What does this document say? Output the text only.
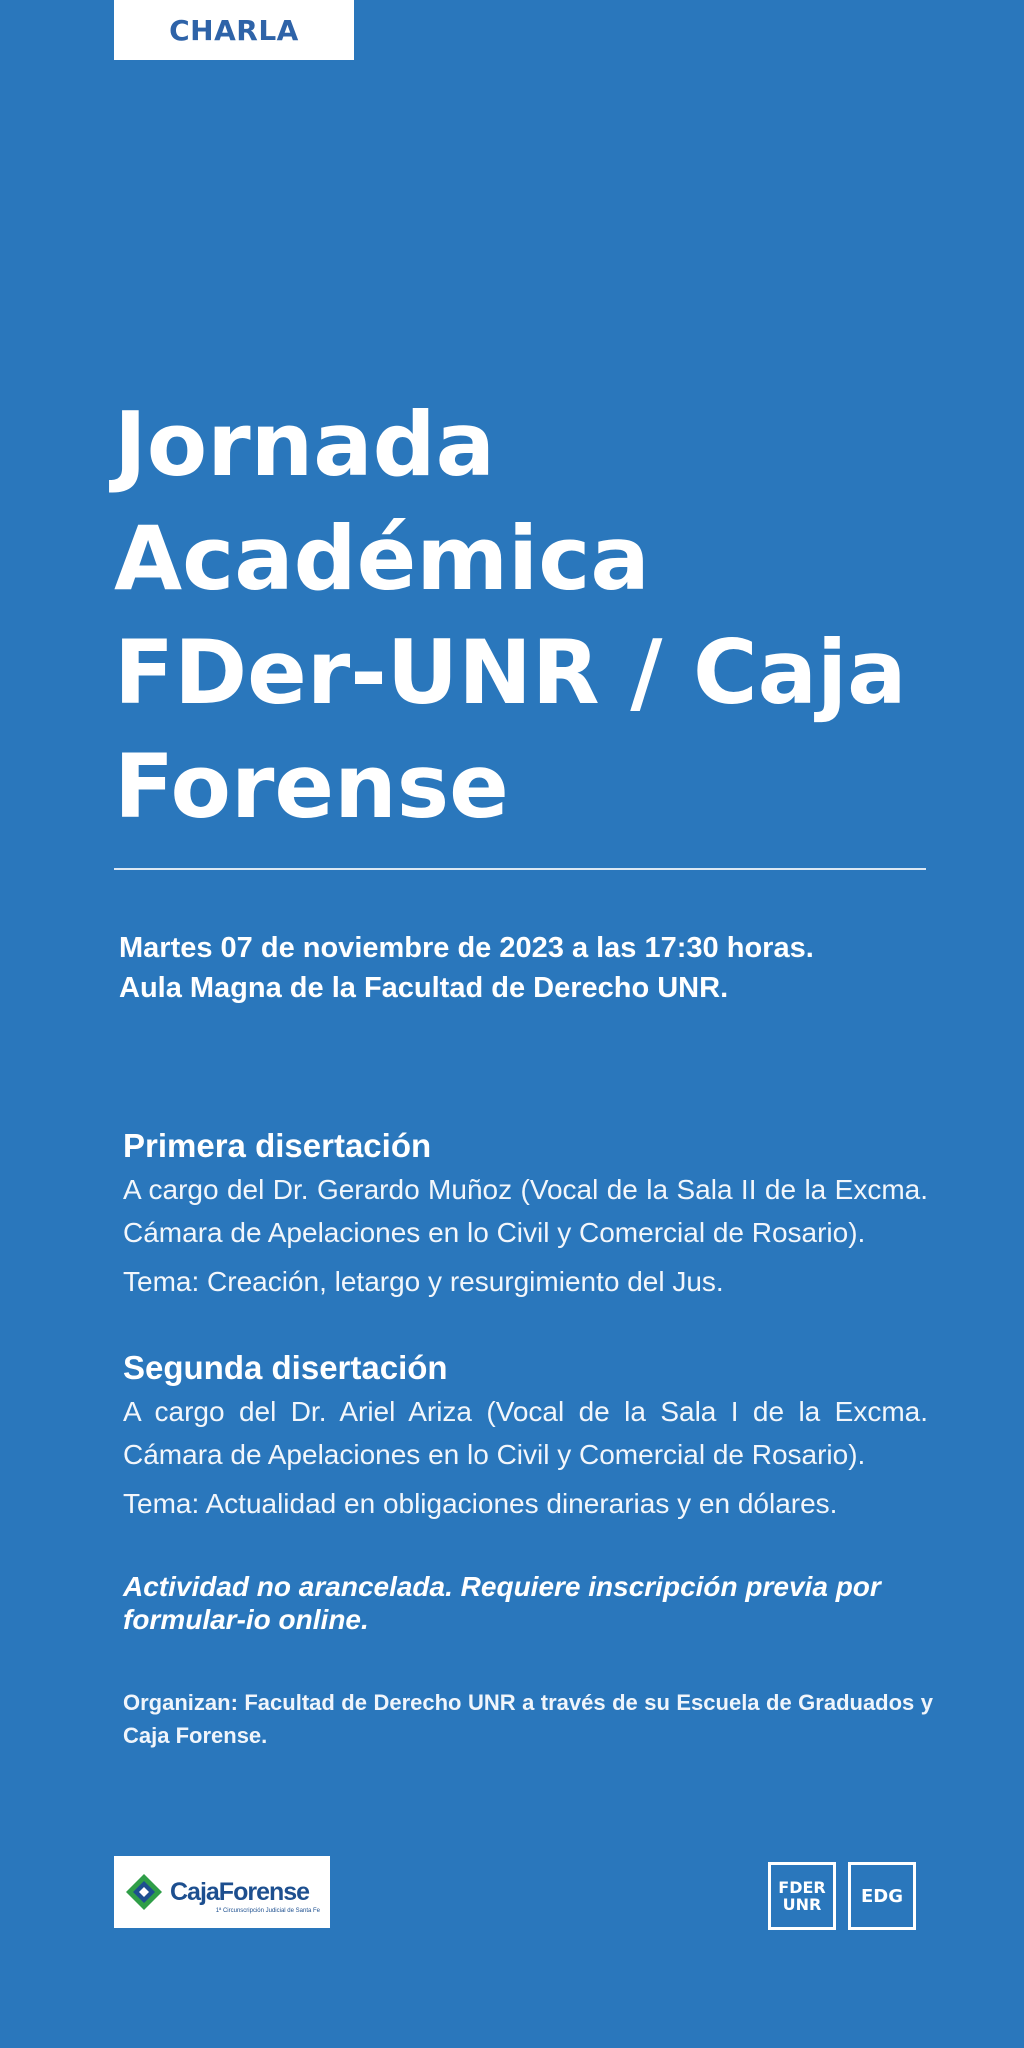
CHARLA
Jornada
Académica
FDer-UNR / Caja
Forense
Martes 07 de noviembre de 2023 a las 17:30 horas.
Aula Magna de la Facultad de Derecho UNR.
Primera disertación

A cargo del Dr. Gerardo Muñoz (Vocal de la Sala II de la Excma. Cámara de Apelaciones en lo Civil y Comercial de Rosario).

Tema: Creación, letargo y resurgimiento del Jus.

Segunda disertación

A cargo del Dr. Ariel Ariza (Vocal de la Sala I de la Excma. Cámara de Apelaciones en lo Civil y Comercial de Rosario).

Tema: Actualidad en obligaciones dinerarias y en dólares.

Actividad no arancelada. Requiere inscripción previa por formular-io online.
Organizan: Facultad de Derecho UNR a través de su Escuela de Graduados y Caja Forense.
CajaForense
1ª Circunscripción Judicial de Santa Fe
FDER
UNR EDG
